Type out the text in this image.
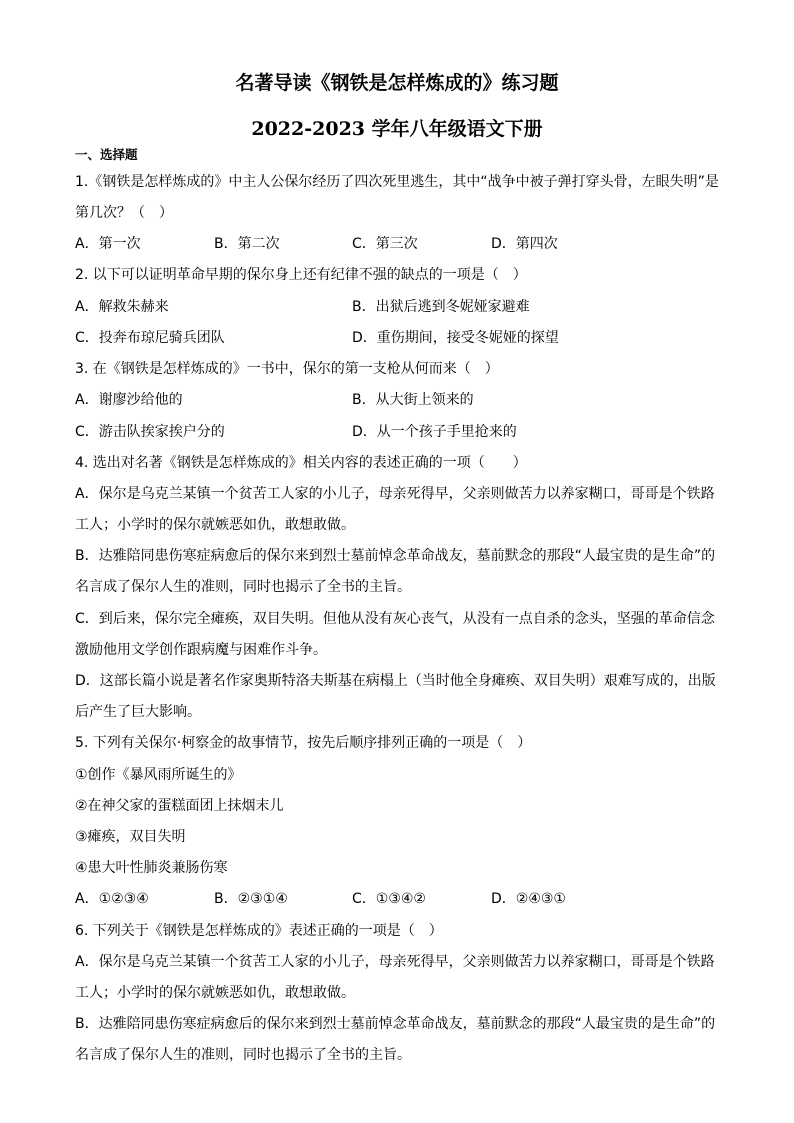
名著导读《钢铁是怎样炼成的》练习题
2022-2023 学年八年级语文下册
一、选择题
1.《钢铁是怎样炼成的》中主人公保尔经历了四次死里逃生，其中“战争中被子弹打穿头骨，左眼失明”是
第几次？（　）
A．第一次	B．第二次	C．第三次	D．第四次
2. 以下可以证明革命早期的保尔身上还有纪律不强的缺点的一项是（　）
A．解救朱赫来	B．出狱后逃到冬妮娅家避难
C．投奔布琼尼骑兵团队	D．重伤期间，接受冬妮娅的探望
3. 在《钢铁是怎样炼成的》一书中，保尔的第一支枪从何而来（　）
A．谢廖沙给他的	B．从大街上领来的
C．游击队挨家挨户分的	D．从一个孩子手里抢来的
4. 选出对名著《钢铁是怎样炼成的》相关内容的表述正确的一项（　　）
A．保尔是乌克兰某镇一个贫苦工人家的小儿子，母亲死得早，父亲则做苦力以养家糊口，哥哥是个铁路
工人；小学时的保尔就嫉恶如仇，敢想敢做。
B．达雅陪同患伤寒症病愈后的保尔来到烈士墓前悼念革命战友，墓前默念的那段“人最宝贵的是生命”的
名言成了保尔人生的准则，同时也揭示了全书的主旨。
C．到后来，保尔完全瘫痪，双目失明。但他从没有灰心丧气，从没有一点自杀的念头，坚强的革命信念
激励他用文学创作跟病魔与困难作斗争。
D．这部长篇小说是著名作家奥斯特洛夫斯基在病榻上（当时他全身瘫痪、双目失明）艰难写成的，出版
后产生了巨大影响。
5. 下列有关保尔·柯察金的故事情节，按先后顺序排列正确的一项是（　）
①创作《暴风雨所诞生的》
②在神父家的蛋糕面团上抹烟末儿
③瘫痪，双目失明
④患大叶性肺炎兼肠伤寒
A．①②③④	B．②③①④	C．①③④②	D．②④③①
6. 下列关于《钢铁是怎样炼成的》表述正确的一项是（　）
A．保尔是乌克兰某镇一个贫苦工人家的小儿子，母亲死得早，父亲则做苦力以养家糊口，哥哥是个铁路
工人；小学时的保尔就嫉恶如仇，敢想敢做。
B．达雅陪同患伤寒症病愈后的保尔来到烈士墓前悼念革命战友，墓前默念的那段“人最宝贵的是生命”的
名言成了保尔人生的准则，同时也揭示了全书的主旨。
